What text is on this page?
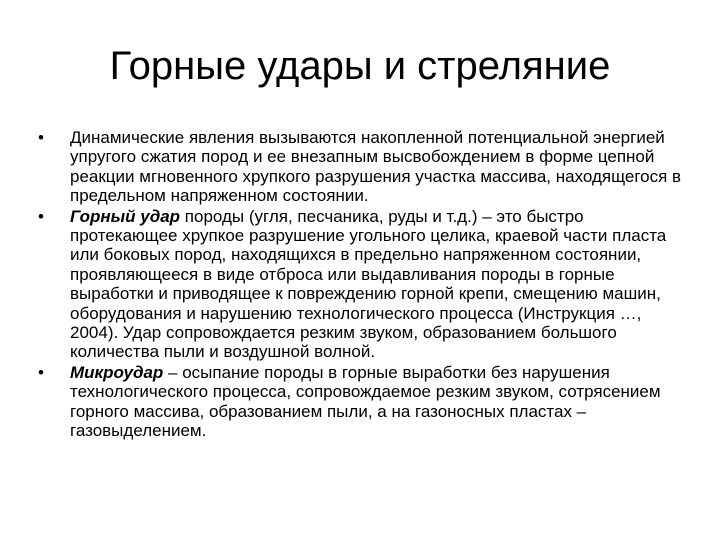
Горные удары и стреляние
•	Динамические явления вызываются накопленной потенциальной энергией упругого сжатия пород и ее внезапным высвобождением в форме цепной реакции мгновенного хрупкого разрушения участка массива, находящегося в предельном напряженном состоянии.
•	Горный удар породы (угля, песчаника, руды и т.д.) – это быстро протекающее хрупкое разрушение угольного целика, краевой части пласта или боковых пород, находящихся в предельно напряженном состоянии, проявляющееся в виде отброса или выдавливания породы в горные выработки и приводящее к повреждению горной крепи, смещению машин, оборудования и нарушению технологического процесса (Инструкция …, 2004). Удар сопровождается резким звуком, образованием большого количества пыли и воздушной волной.
•	Микроудар – осыпание породы в горные выработки без нарушения технологического процесса, сопровождаемое резким звуком, сотрясением горного массива, образованием пыли, а на газоносных пластах – газовыделением.
